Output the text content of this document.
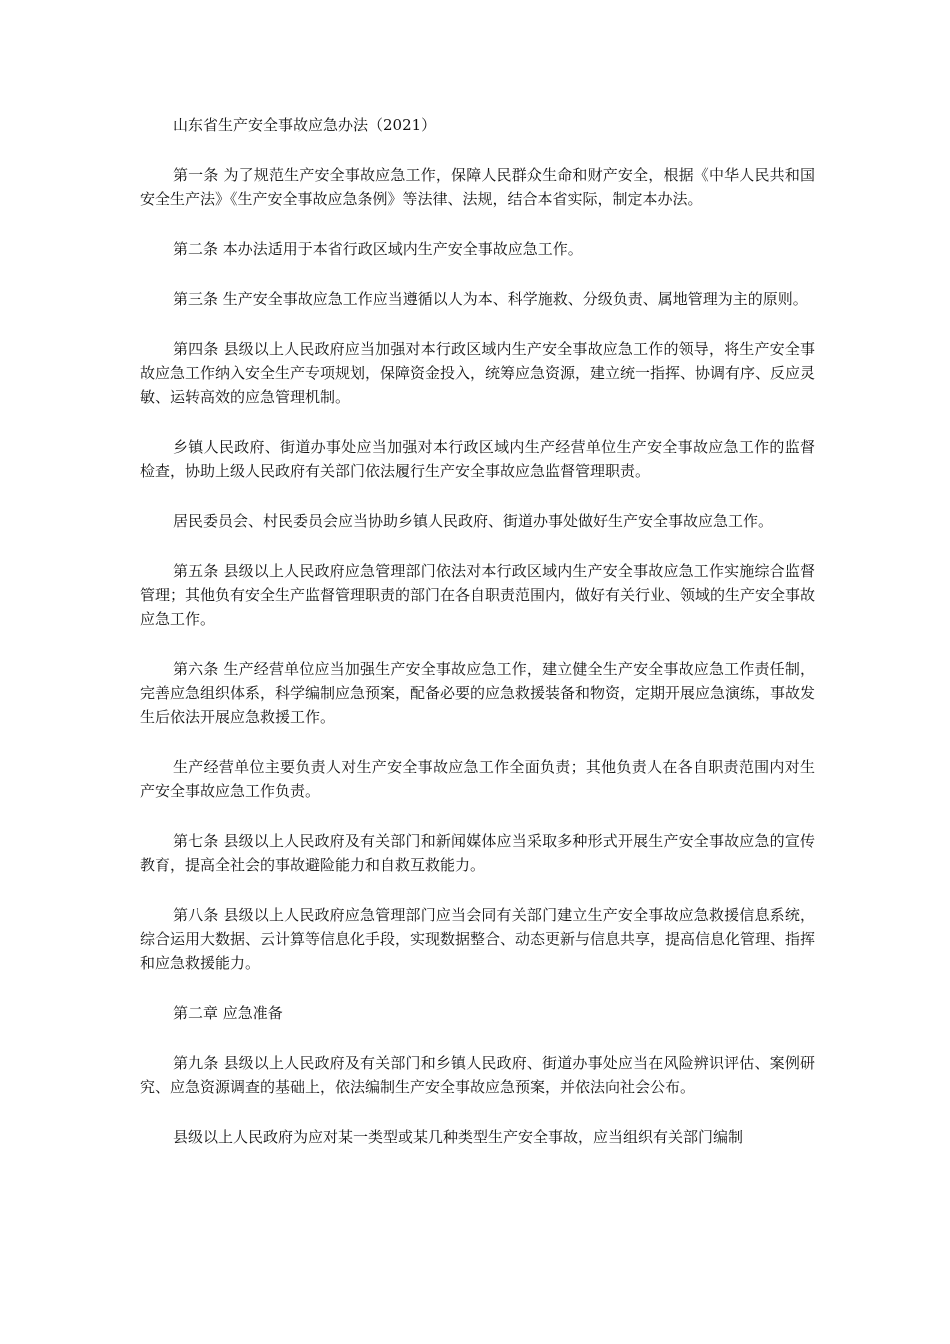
山东省生产安全事故应急办法（2021）

第一条 为了规范生产安全事故应急工作，保障人民群众生命和财产安全，根据《中华人民共和国安全生产法》《生产安全事故应急条例》等法律、法规，结合本省实际，制定本办法。

第二条 本办法适用于本省行政区域内生产安全事故应急工作。

第三条 生产安全事故应急工作应当遵循以人为本、科学施救、分级负责、属地管理为主的原则。

第四条 县级以上人民政府应当加强对本行政区域内生产安全事故应急工作的领导，将生产安全事故应急工作纳入安全生产专项规划，保障资金投入，统筹应急资源，建立统一指挥、协调有序、反应灵敏、运转高效的应急管理机制。

乡镇人民政府、街道办事处应当加强对本行政区域内生产经营单位生产安全事故应急工作的监督检查，协助上级人民政府有关部门依法履行生产安全事故应急监督管理职责。

居民委员会、村民委员会应当协助乡镇人民政府、街道办事处做好生产安全事故应急工作。

第五条 县级以上人民政府应急管理部门依法对本行政区域内生产安全事故应急工作实施综合监督管理；其他负有安全生产监督管理职责的部门在各自职责范围内，做好有关行业、领域的生产安全事故应急工作。

第六条 生产经营单位应当加强生产安全事故应急工作，建立健全生产安全事故应急工作责任制，完善应急组织体系，科学编制应急预案，配备必要的应急救援装备和物资，定期开展应急演练，事故发生后依法开展应急救援工作。

生产经营单位主要负责人对生产安全事故应急工作全面负责；其他负责人在各自职责范围内对生产安全事故应急工作负责。

第七条 县级以上人民政府及有关部门和新闻媒体应当采取多种形式开展生产安全事故应急的宣传教育，提高全社会的事故避险能力和自救互救能力。

第八条 县级以上人民政府应急管理部门应当会同有关部门建立生产安全事故应急救援信息系统，综合运用大数据、云计算等信息化手段，实现数据整合、动态更新与信息共享，提高信息化管理、指挥和应急救援能力。

第二章 应急准备

第九条 县级以上人民政府及有关部门和乡镇人民政府、街道办事处应当在风险辨识评估、案例研究、应急资源调查的基础上，依法编制生产安全事故应急预案，并依法向社会公布。

县级以上人民政府为应对某一类型或某几种类型生产安全事故，应当组织有关部门编制
